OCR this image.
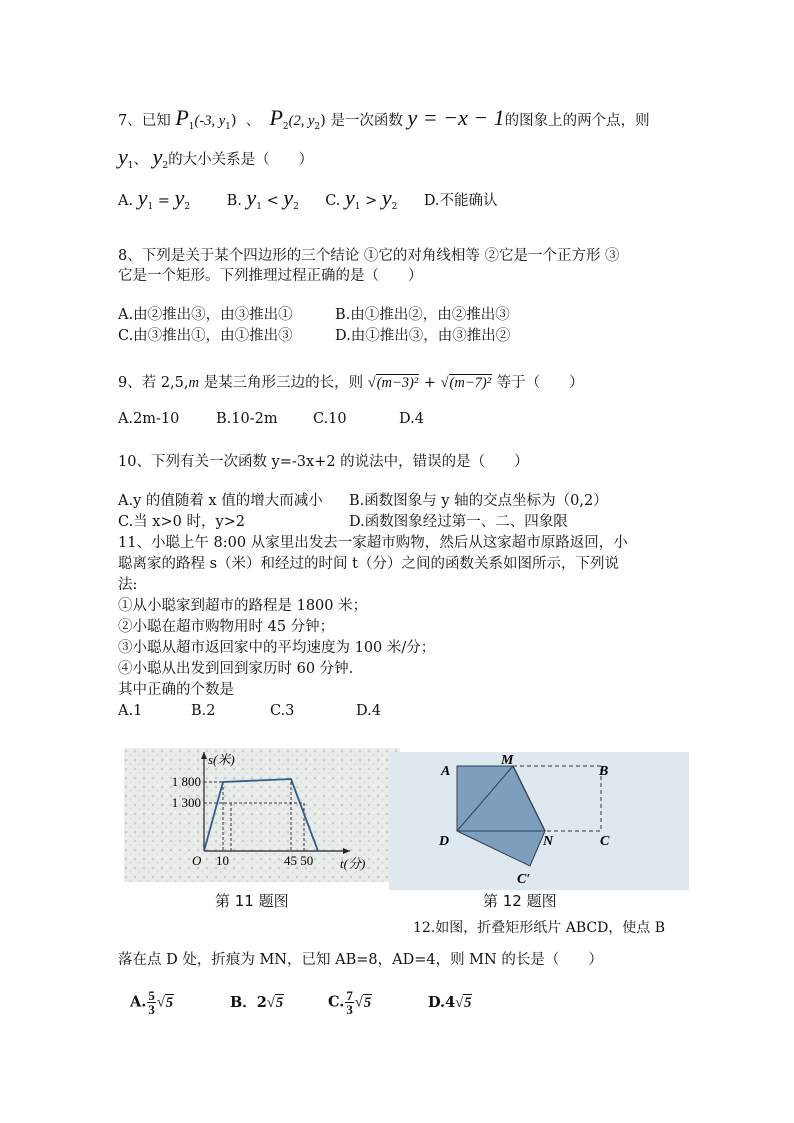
7、已知 $P_1(-3$, $y_1$) 、 $P_2(2$, $y_2$) 是一次函数 y = −x − 1的图象上的两个点，则
$y_1$、 $y_2$的大小关系是（　　）
A. $y_1 = y_2$	B. $y_1 < y_2$ C. $y_1 > y_2$ D.不能确认
8、下列是关于某个四边形的三个结论 ①它的对角线相等 ②它是一个正方形 ③
它是一个矩形。下列推理过程正确的是（　　）
A.由②推出③，由③推出①	B.由①推出②，由②推出③
C.由③推出①，由①推出③	D.由①推出③，由③推出②
9、若 2,5,m 是某三角形三边的长，则 √(m−3)² + √(m−7)² 等于（　　）
A.2m-10	B.10-2m C.10	D.4
10、下列有关一次函数 y=-3x+2 的说法中，错误的是（　　）
A.y 的值随着 x 值的增大而减小 B.函数图象与 y 轴的交点坐标为（0,2）
C.当 x>0 时，y>2	D.函数图象经过第一、二、四象限
11、小聪上午 8:00 从家里出发去一家超市购物，然后从这家超市原路返回，小
聪离家的路程 s（米）和经过的时间 t（分）之间的函数关系如图所示，下列说
法:
①从小聪家到超市的路程是 1800 米；
②小聪在超市购物用时 45 分钟；
③小聪从超市返回家中的平均速度为 100 米/分；
④小聪从出发到回到家历时 60 分钟.
其中正确的个数是
A.1	B.2	C.3	D.4
s(米)
1 800
1 300
O 10	45 50 t(分)
第 11 题图
A
M
B
D	N	C
C′
第 12 题图
12.如图，折叠矩形纸片 ABCD，使点 B
落在点 D 处，折痕为 MN，已知 AB=8，AD=4，则 MN 的长是（　　）
A. $\frac{5}{3} √5$	B．2√5	C. $\frac{7}{3} √5$	D.4√5
